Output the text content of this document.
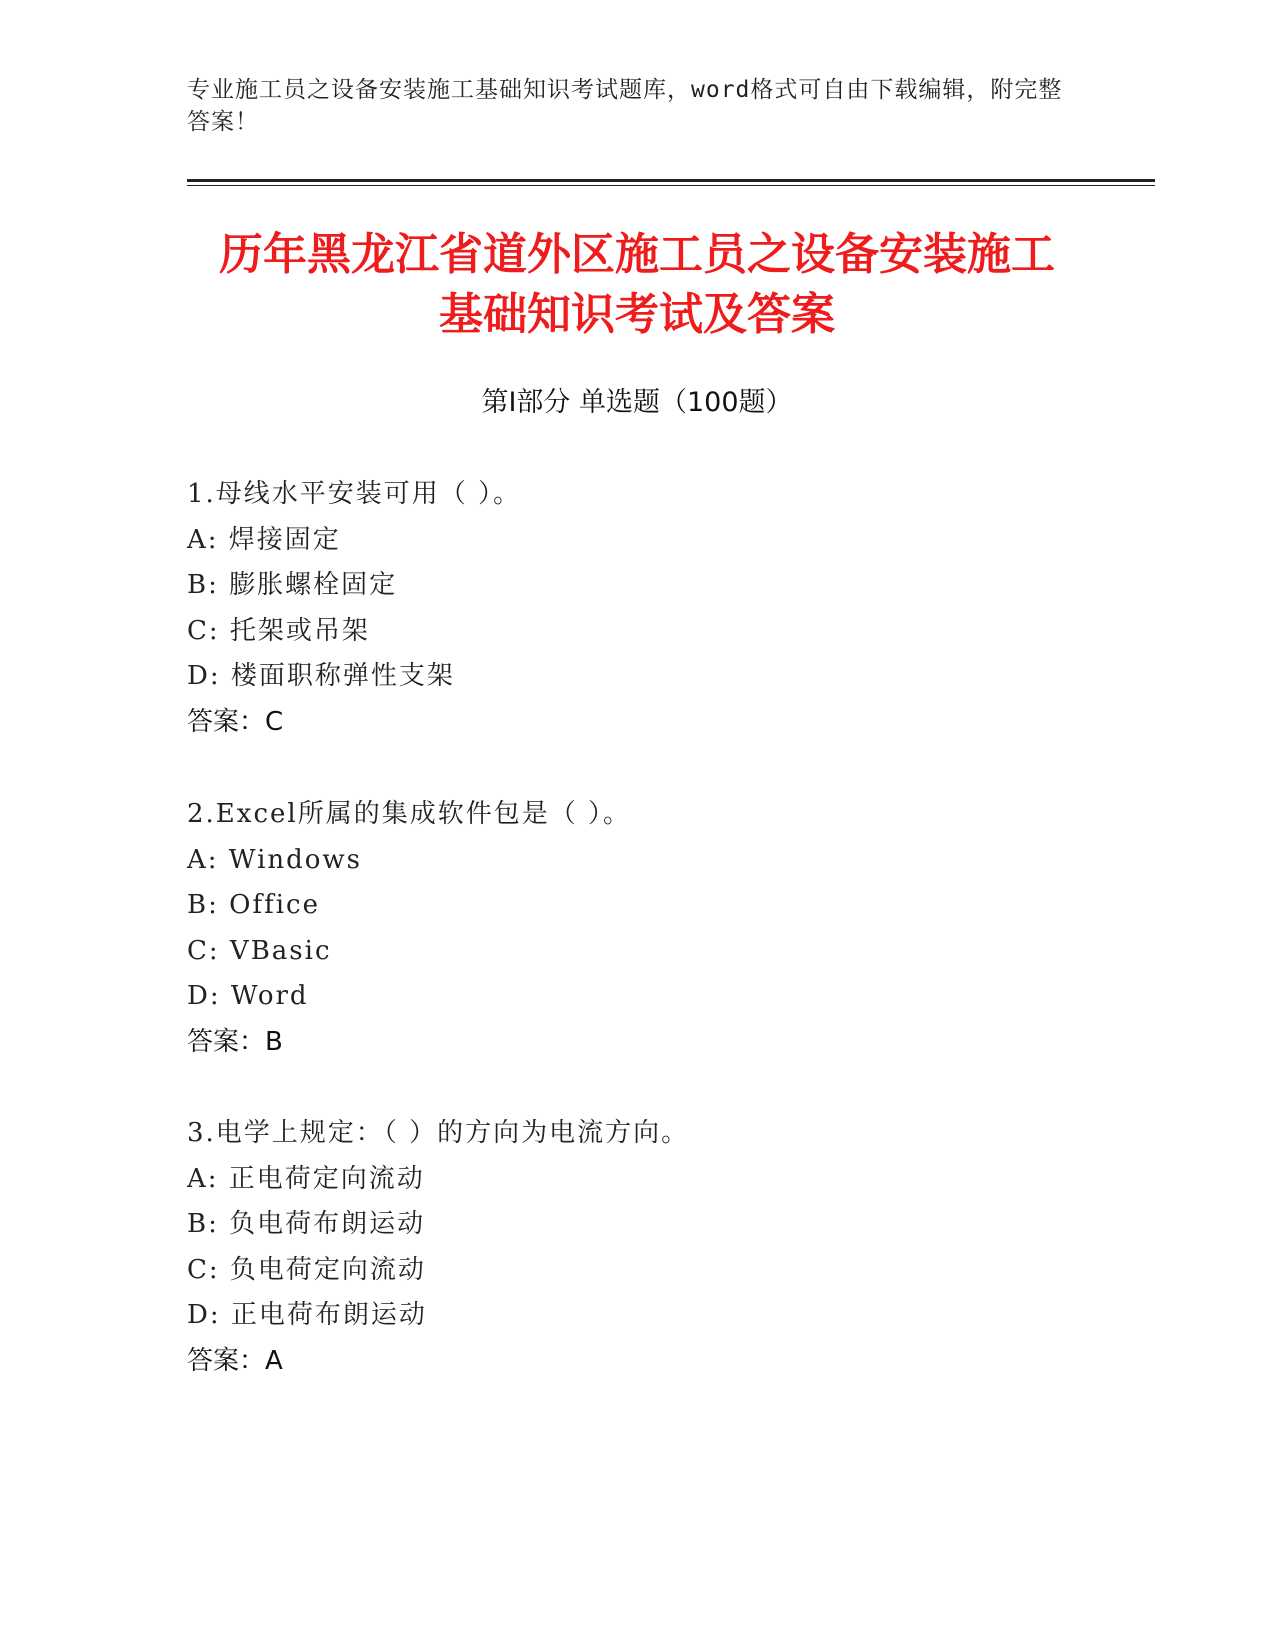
专业施工员之设备安装施工基础知识考试题库，word格式可自由下载编辑，附完整答案！
历年黑龙江省道外区施工员之设备安装施工
基础知识考试及答案
第Ⅰ部分 单选题（100题）
1.母线水平安装可用（ ）。
A: 焊接固定
B: 膨胀螺栓固定
C: 托架或吊架
D: 楼面职称弹性支架
答案：C
2.Excel所属的集成软件包是（ ）。
A: Windows
B: Office
C: VBasic
D: Word
答案：B
3.电学上规定：（ ）的方向为电流方向。
A: 正电荷定向流动
B: 负电荷布朗运动
C: 负电荷定向流动
D: 正电荷布朗运动
答案：A
